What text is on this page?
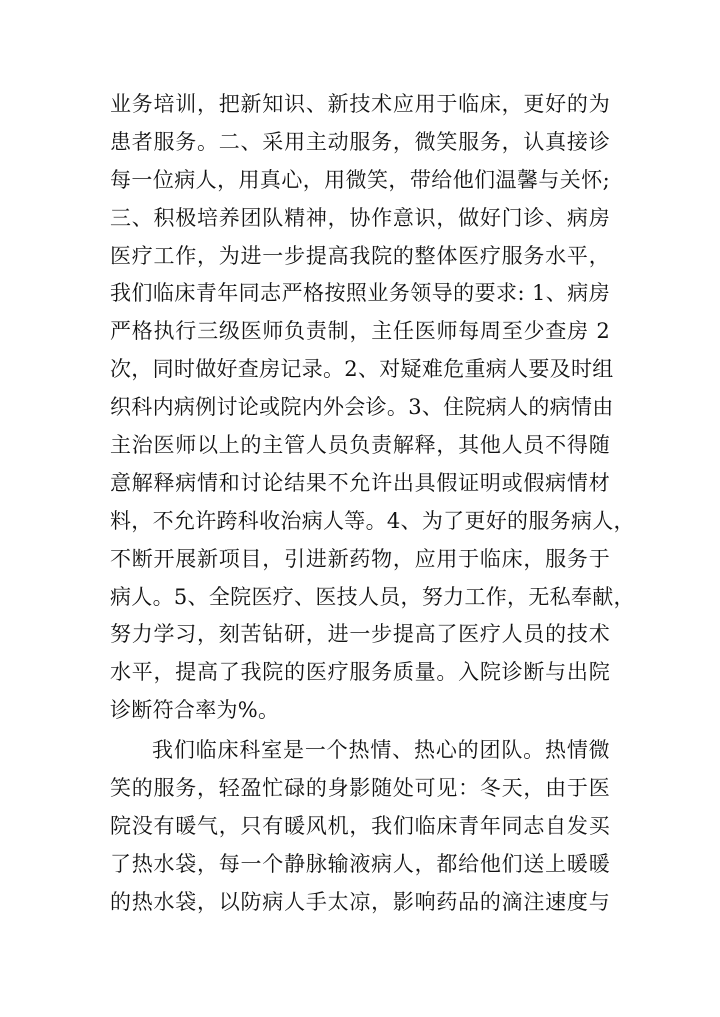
业务培训，把新知识、新技术应用于临床，更好的为
患者服务。二、采用主动服务，微笑服务，认真接诊
每一位病人，用真心，用微笑，带给他们温馨与关怀;
三、积极培养团队精神，协作意识，做好门诊、病房
医疗工作，为进一步提高我院的整体医疗服务水平，
我们临床青年同志严格按照业务领导的要求: 1、病房
严格执行三级医师负责制，主任医师每周至少查房 2
次，同时做好查房记录。2、对疑难危重病人要及时组
织科内病例讨论或院内外会诊。3、住院病人的病情由
主治医师以上的主管人员负责解释，其他人员不得随
意解释病情和讨论结果不允许出具假证明或假病情材
料，不允许跨科收治病人等。4、为了更好的服务病人，
不断开展新项目，引进新药物，应用于临床，服务于
病人。5、全院医疗、医技人员，努力工作，无私奉献，
努力学习，刻苦钻研，进一步提高了医疗人员的技术
水平，提高了我院的医疗服务质量。入院诊断与出院
诊断符合率为%。
我们临床科室是一个热情、热心的团队。热情微
笑的服务，轻盈忙碌的身影随处可见：冬天，由于医
院没有暖气，只有暖风机，我们临床青年同志自发买
了热水袋，每一个静脉输液病人，都给他们送上暖暖
的热水袋，以防病人手太凉，影响药品的滴注速度与
